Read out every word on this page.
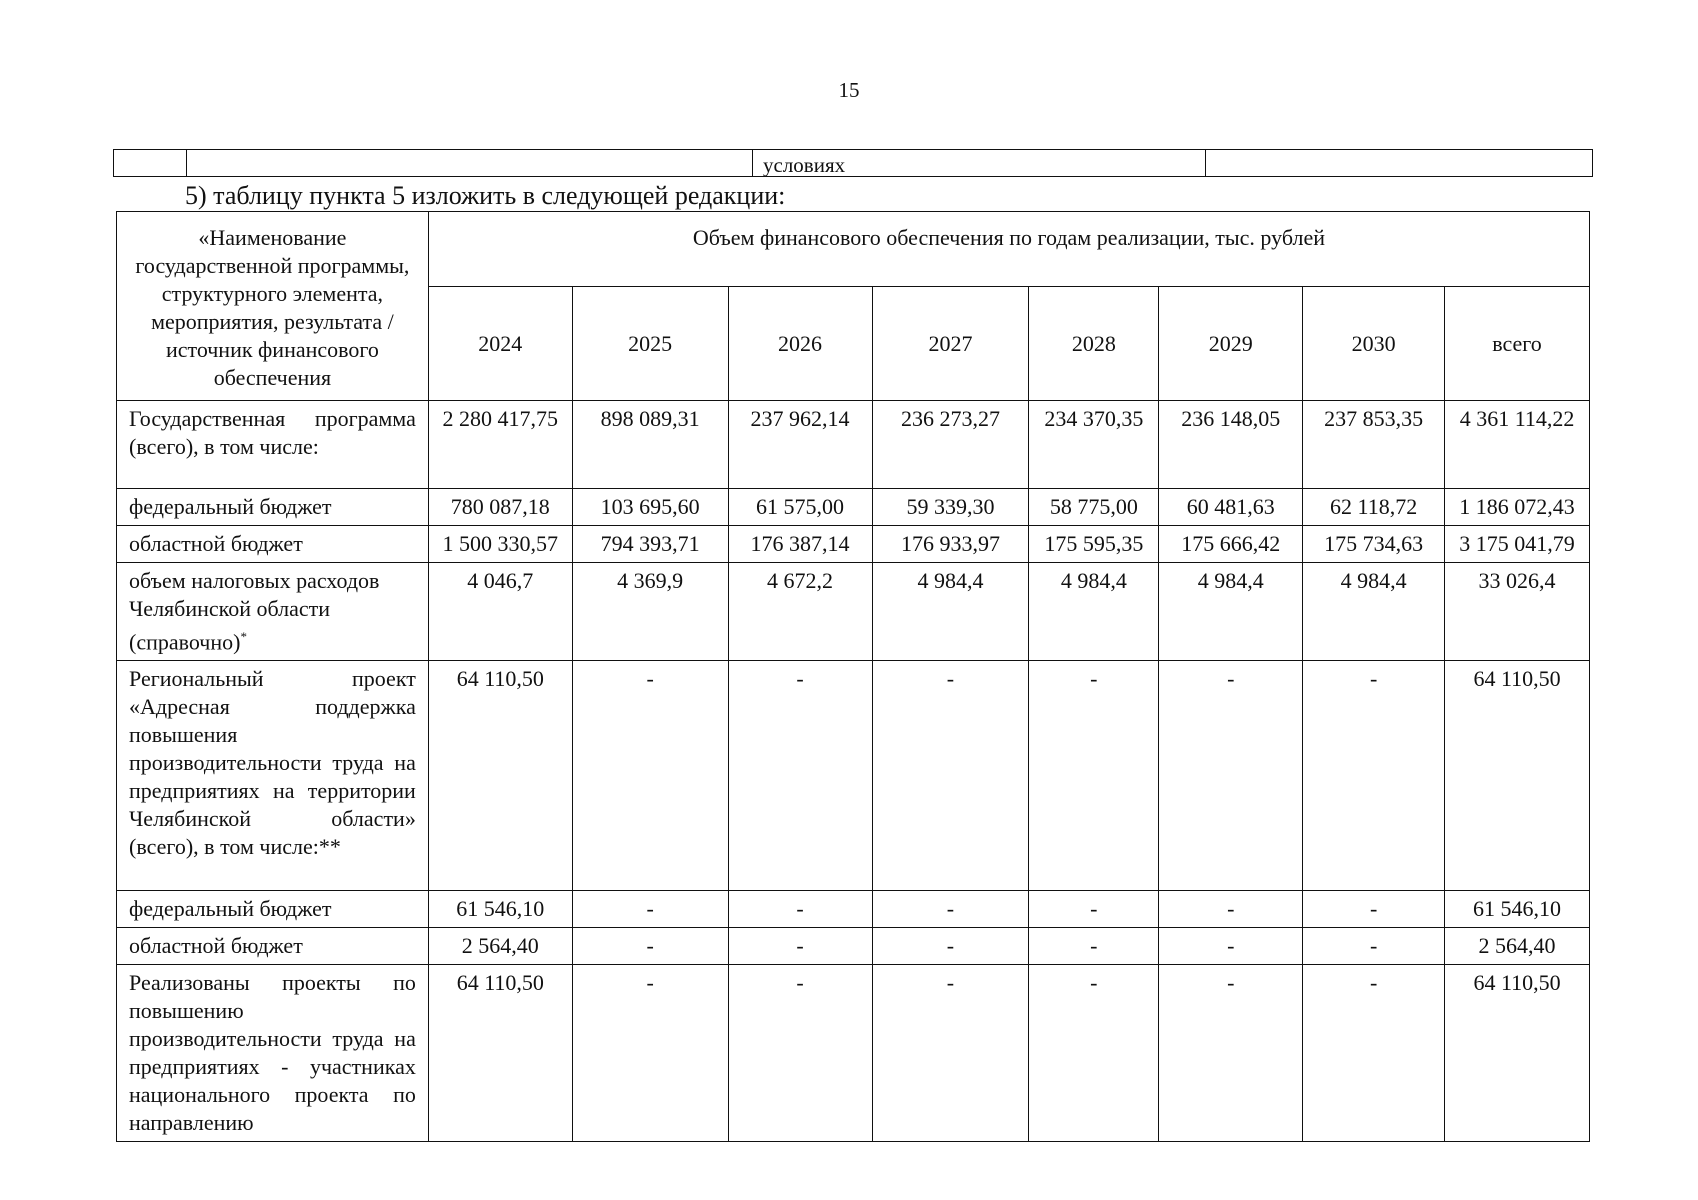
15
		условиях	
5) таблицу пункта 5 изложить в следующей редакции:
«Наименование государственной программы, структурного элемента, мероприятия, результата / источник финансового обеспечения	Объем финансового обеспечения по годам реализации, тыс. рублей							
	2024	2025	2026	2027	2028	2029	2030	всего
Государственная программа (всего), в том числе:	2 280 417,75	898 089,31	237 962,14	236 273,27	234 370,35	236 148,05	237 853,35	4 361 114,22
федеральный бюджет	780 087,18	103 695,60	61 575,00	59 339,30	58 775,00	60 481,63	62 118,72	1 186 072,43
областной бюджет	1 500 330,57	794 393,71	176 387,14	176 933,97	175 595,35	175 666,42	175 734,63	3 175 041,79
объем налоговых расходов Челябинской области (справочно)*	4 046,7	4 369,9	4 672,2	4 984,4	4 984,4	4 984,4	4 984,4	33 026,4
Региональный проект «Адресная поддержка повышения производительности труда на предприятиях на территории Челябинской области» (всего), в том числе:**	64 110,50	-	-	-	-	-	-	64 110,50
федеральный бюджет	61 546,10	-	-	-	-	-	-	61 546,10
областной бюджет	2 564,40	-	-	-	-	-	-	2 564,40
Реализованы проекты по повышению производительности труда на предприятиях - участниках национального проекта по направлению	64 110,50	-	-	-	-	-	-	64 110,50
